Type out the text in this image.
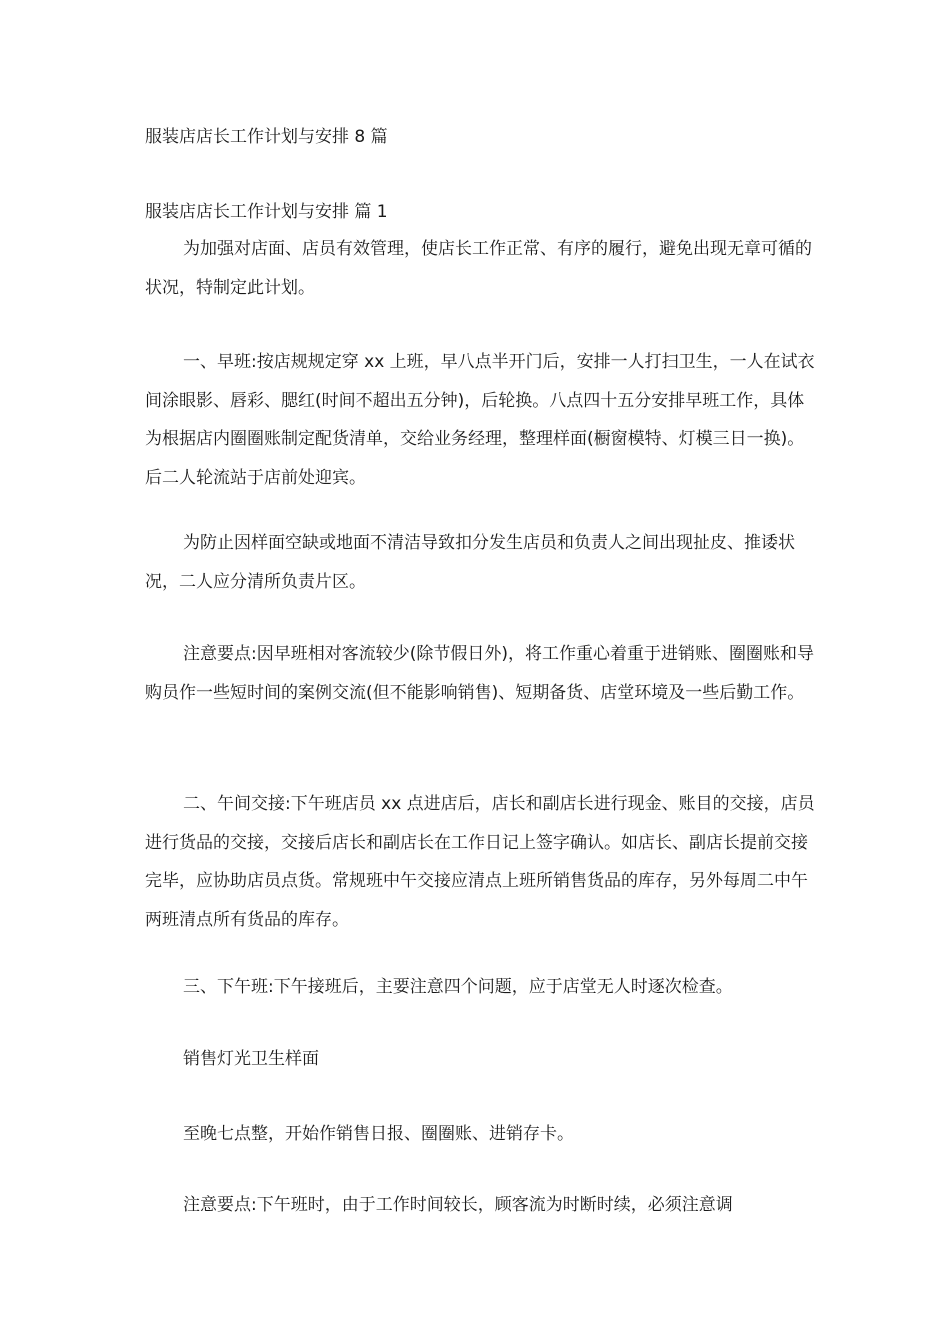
服装店店长工作计划与安排 8 篇
服装店店长工作计划与安排 篇 1

为加强对店面、店员有效管理，使店长工作正常、有序的履行，避免出现无章可循的状况，特制定此计划。

一、早班:按店规规定穿 xx 上班，早八点半开门后，安排一人打扫卫生，一人在试衣间涂眼影、唇彩、腮红(时间不超出五分钟)，后轮换。八点四十五分安排早班工作，具体为根据店内圈圈账制定配货清单，交给业务经理，整理样面(橱窗模特、灯模三日一换)。后二人轮流站于店前处迎宾。

为防止因样面空缺或地面不清洁导致扣分发生店员和负责人之间出现扯皮、推诿状况，二人应分清所负责片区。

注意要点:因早班相对客流较少(除节假日外)，将工作重心着重于进销账、圈圈账和导购员作一些短时间的案例交流(但不能影响销售)、短期备货、店堂环境及一些后勤工作。

二、午间交接:下午班店员 xx 点进店后，店长和副店长进行现金、账目的交接，店员进行货品的交接，交接后店长和副店长在工作日记上签字确认。如店长、副店长提前交接完毕，应协助店员点货。常规班中午交接应清点上班所销售货品的库存，另外每周二中午两班清点所有货品的库存。

三、下午班:下午接班后，主要注意四个问题，应于店堂无人时逐次检查。

销售灯光卫生样面

至晚七点整，开始作销售日报、圈圈账、进销存卡。

注意要点:下午班时，由于工作时间较长，顾客流为时断时续，必须注意调
